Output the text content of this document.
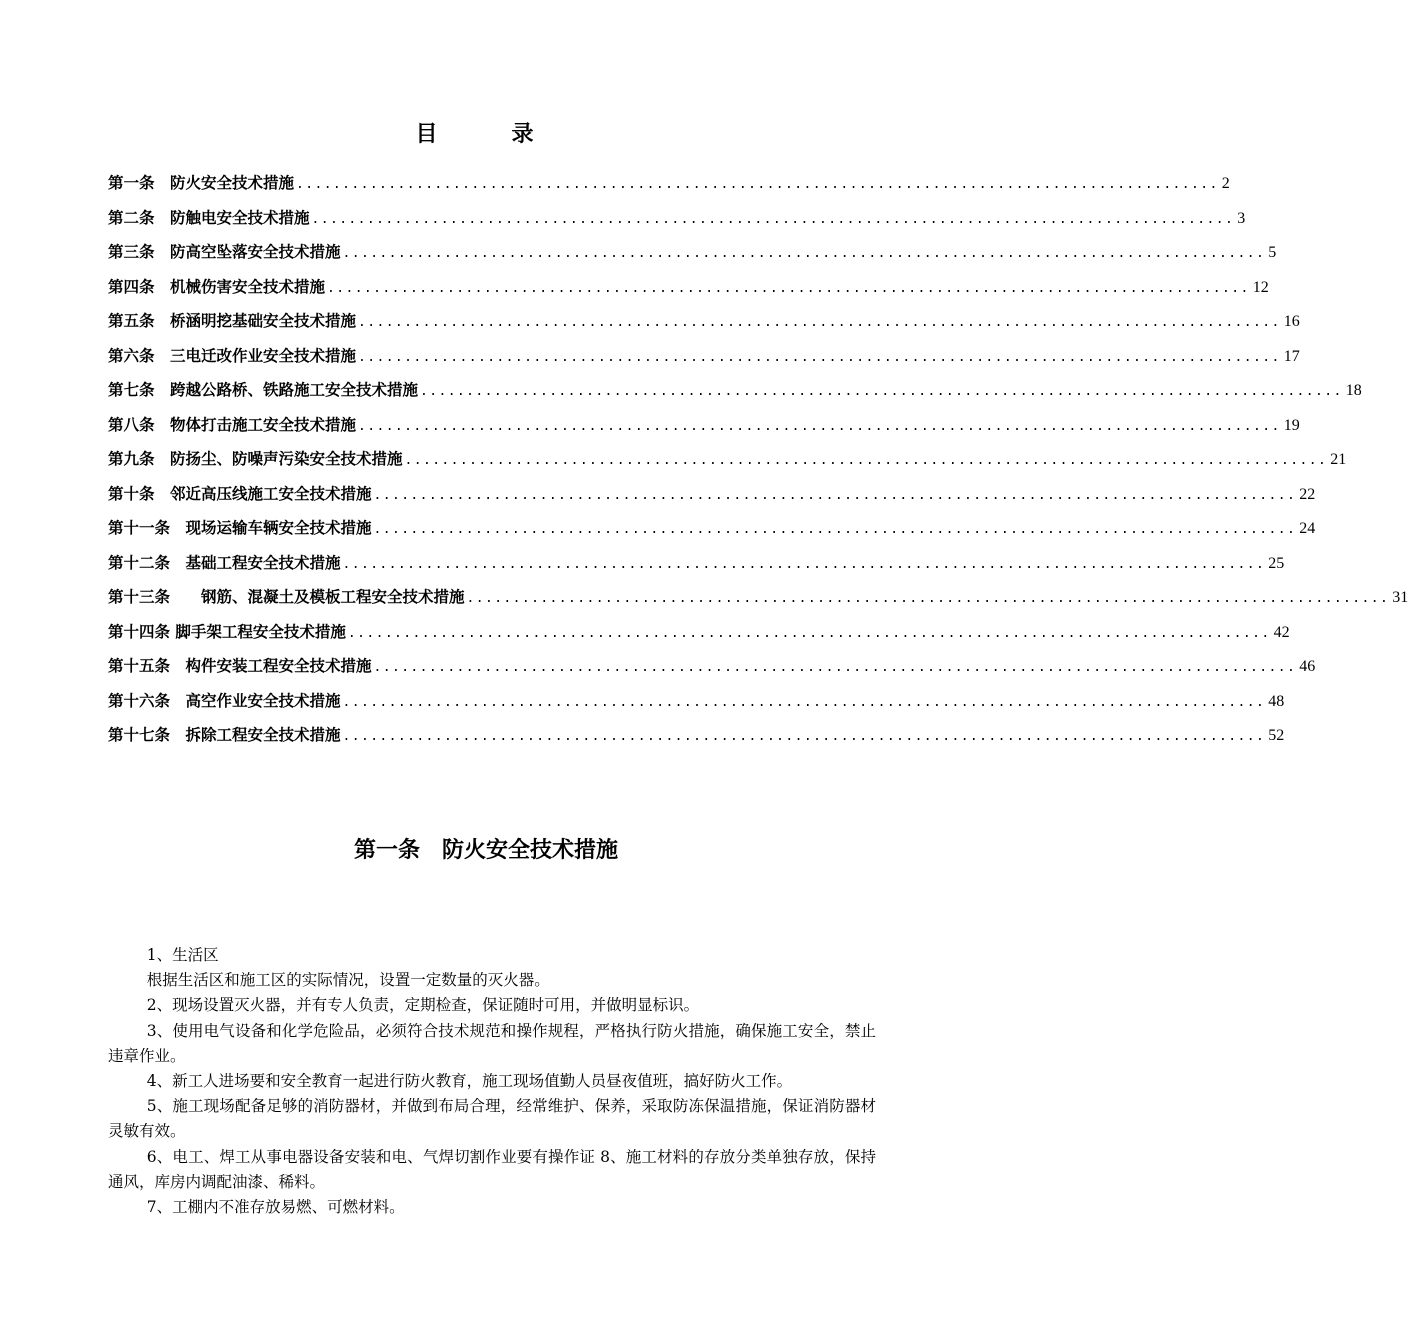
目　录
第一条　防火安全技术措施 .................................................................................................... 2
第二条　防触电安全技术措施 .................................................................................................... 3
第三条　防高空坠落安全技术措施 .................................................................................................... 5
第四条　机械伤害安全技术措施 .................................................................................................... 12
第五条　桥涵明挖基础安全技术措施 .................................................................................................... 16
第六条　三电迁改作业安全技术措施 .................................................................................................... 17
第七条　跨越公路桥、铁路施工安全技术措施 .................................................................................................... 18
第八条　物体打击施工安全技术措施 .................................................................................................... 19
第九条　防扬尘、防噪声污染安全技术措施 .................................................................................................... 21
第十条　邻近高压线施工安全技术措施 .................................................................................................... 22
第十一条　现场运输车辆安全技术措施 .................................................................................................... 24
第十二条　基础工程安全技术措施 .................................................................................................... 25
第十三条　　钢筋、混凝土及模板工程安全技术措施 .................................................................................................... 31
第十四条 脚手架工程安全技术措施 .................................................................................................... 42
第十五条　构件安装工程安全技术措施 .................................................................................................... 46
第十六条　高空作业安全技术措施 .................................................................................................... 48
第十七条　拆除工程安全技术措施 .................................................................................................... 52
第一条　防火安全技术措施

1、生活区

根据生活区和施工区的实际情况，设置一定数量的灭火器。

2、现场设置灭火器，并有专人负责，定期检查，保证随时可用，并做明显标识。

3、使用电气设备和化学危险品，必须符合技术规范和操作规程，严格执行防火措施，确保施工安全，禁止违章作业。

4、新工人进场要和安全教育一起进行防火教育，施工现场值勤人员昼夜值班，搞好防火工作。

5、施工现场配备足够的消防器材，并做到布局合理，经常维护、保养，采取防冻保温措施，保证消防器材灵敏有效。

6、电工、焊工从事电器设备安装和电、气焊切割作业要有操作证 8、施工材料的存放分类单独存放，保持通风，库房内调配油漆、稀料。

7、工棚内不准存放易燃、可燃材料。
